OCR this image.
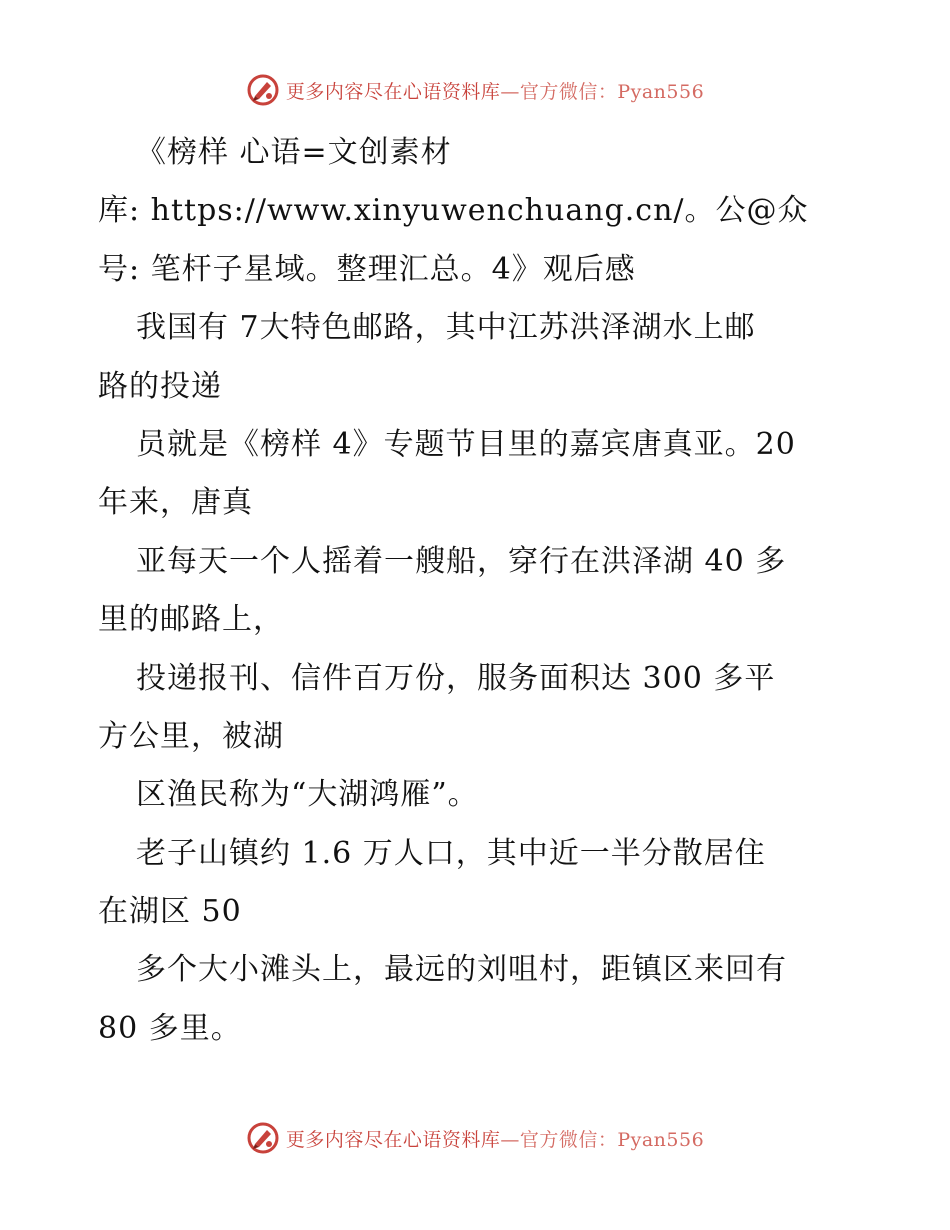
更多内容尽在心语资料库—官方微信：Pyan556
《榜样 心语=文创素材
库: https://www.xinyuwenchuang.cn/。公@众
号: 笔杆子星域。整理汇总。4》观后感
我国有 7大特色邮路，其中江苏洪泽湖水上邮
路的投递
员就是《榜样 4》专题节目里的嘉宾唐真亚。20
年来，唐真
亚每天一个人摇着一艘船，穿行在洪泽湖 40 多
里的邮路上，
投递报刊、信件百万份，服务面积达 300 多平
方公里，被湖
区渔民称为“大湖鸿雁”。
老子山镇约 1.6 万人口，其中近一半分散居住
在湖区 50
多个大小滩头上，最远的刘咀村，距镇区来回有
80 多里。
更多内容尽在心语资料库—官方微信：Pyan556
